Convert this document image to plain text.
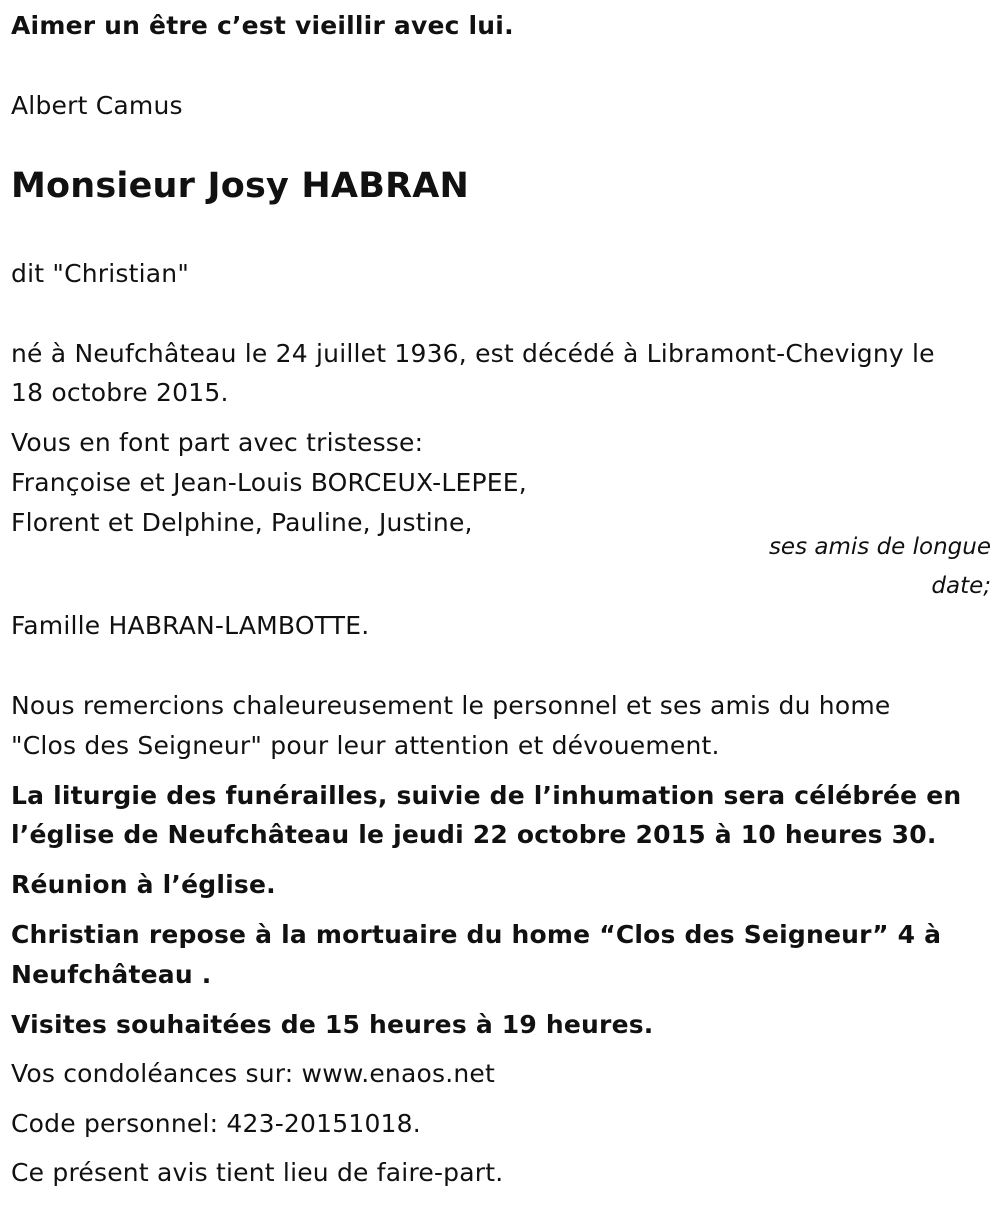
Aimer un être c’est vieillir avec lui.
Albert Camus
Monsieur Josy HABRAN
dit "Christian"
né à Neufchâteau le 24 juillet 1936, est décédé à Libramont-Chevigny le
18 octobre 2015.
Vous en font part avec tristesse:
Françoise et Jean-Louis BORCEUX-LEPEE,
Florent et Delphine, Pauline, Justine,
ses amis de longue
date;
Famille HABRAN-LAMBOTTE.
Nous remercions chaleureusement le personnel et ses amis du home
"Clos des Seigneur" pour leur attention et dévouement.
La liturgie des funérailles, suivie de l’inhumation sera célébrée en
l’église de Neufchâteau le jeudi 22 octobre 2015 à 10 heures 30.
Réunion à l’église.
Christian repose à la mortuaire du home “Clos des Seigneur” 4 à
Neufchâteau .
Visites souhaitées de 15 heures à 19 heures.
Vos condoléances sur: www.enaos.net
Code personnel: 423-20151018.
Ce présent avis tient lieu de faire-part.
